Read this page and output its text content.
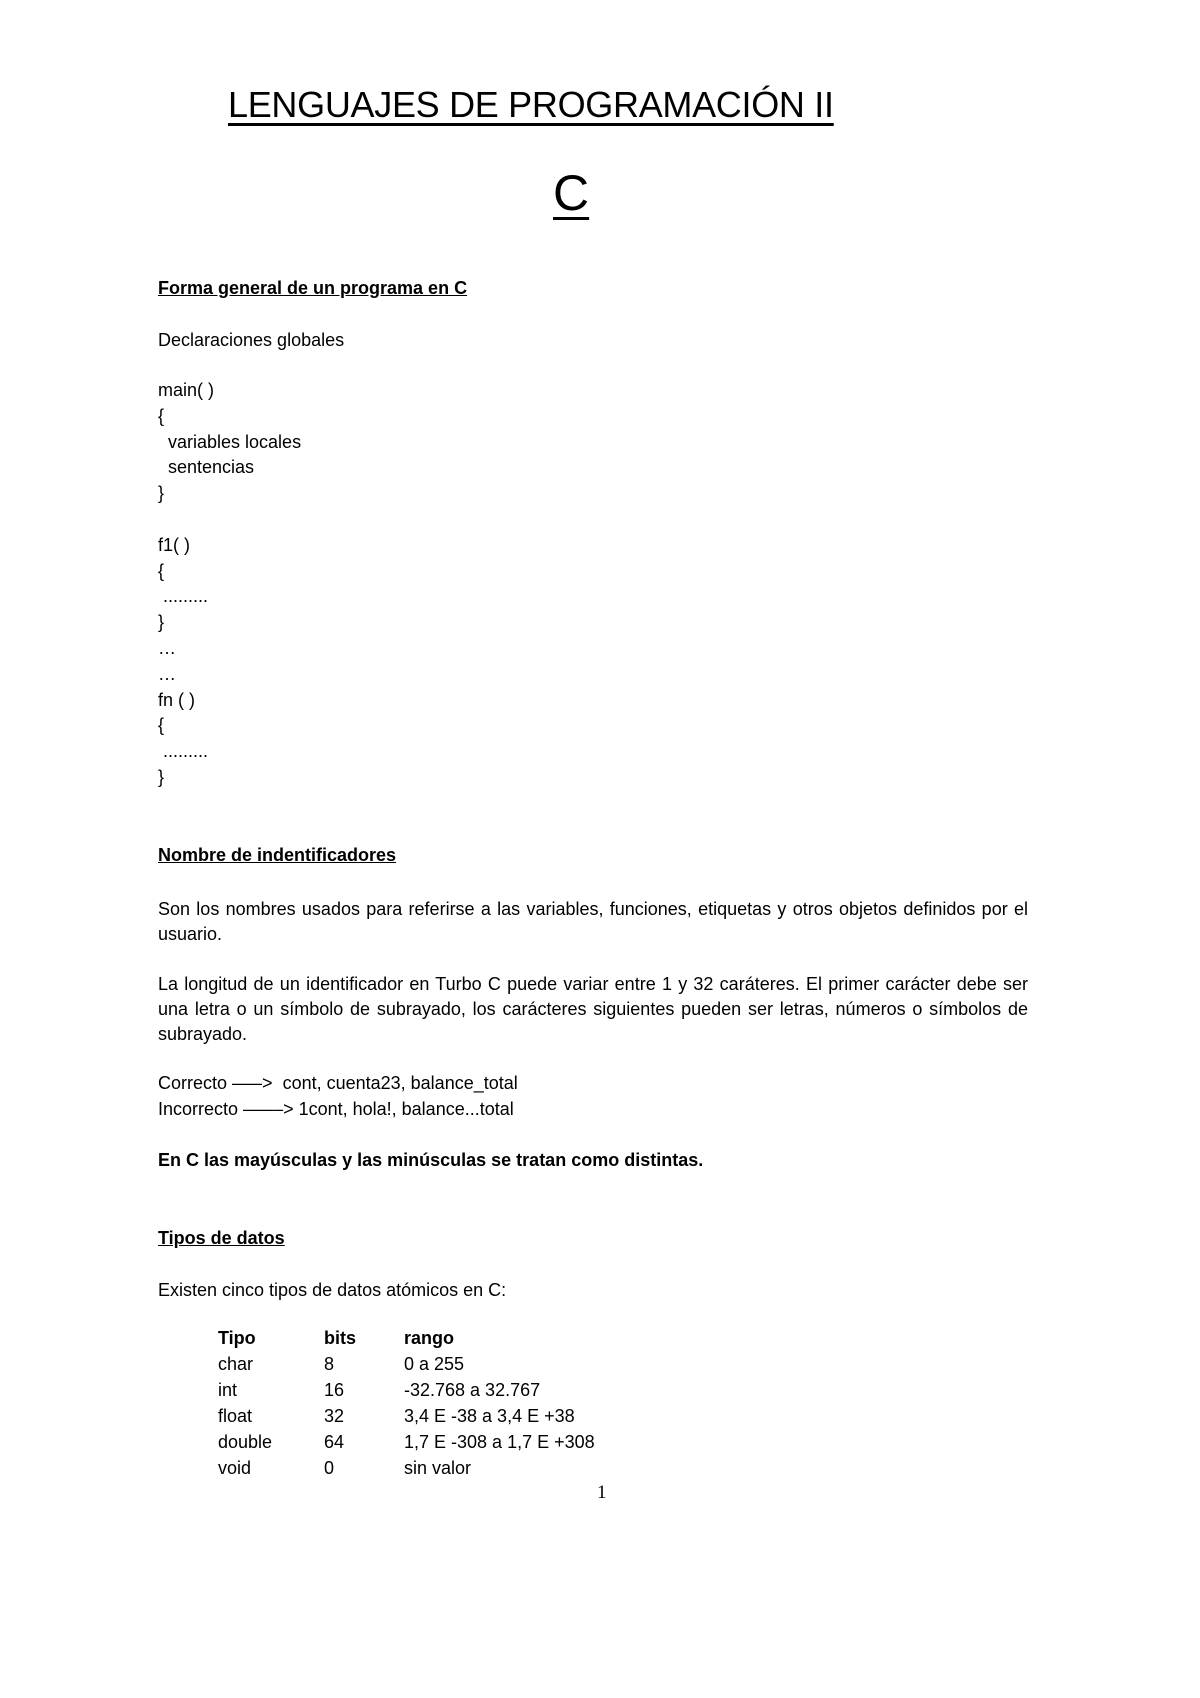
LENGUAJES DE PROGRAMACIÓN II
C
Forma general de un programa en C
Declaraciones globales
main( )
{
variables locales
sentencias
}
f1( )
{
.........
}
…
…
fn ( )
{
.........
}
Nombre de indentificadores
Son los nombres usados para referirse a las variables, funciones, etiquetas y otros objetos definidos por el usuario.
La longitud de un identificador en Turbo C puede variar entre 1 y 32 caráteres. El primer carácter debe ser una letra o un símbolo de subrayado, los carácteres siguientes pueden ser letras, números o símbolos de subrayado.
Correcto –––>  cont, cuenta23, balance_total
Incorrecto ––––> 1cont, hola!, balance...total
En C las mayúsculas y las minúsculas se tratan como distintas.
Tipos de datos
Existen cinco tipos de datos atómicos en C:
Tipo	bits	rango
char	8	0 a 255
int	16	-32.768 a 32.767
float	32	3,4 E -38 a 3,4 E +38
double	64	1,7 E -308 a 1,7 E +308
void	0	sin valor
1
